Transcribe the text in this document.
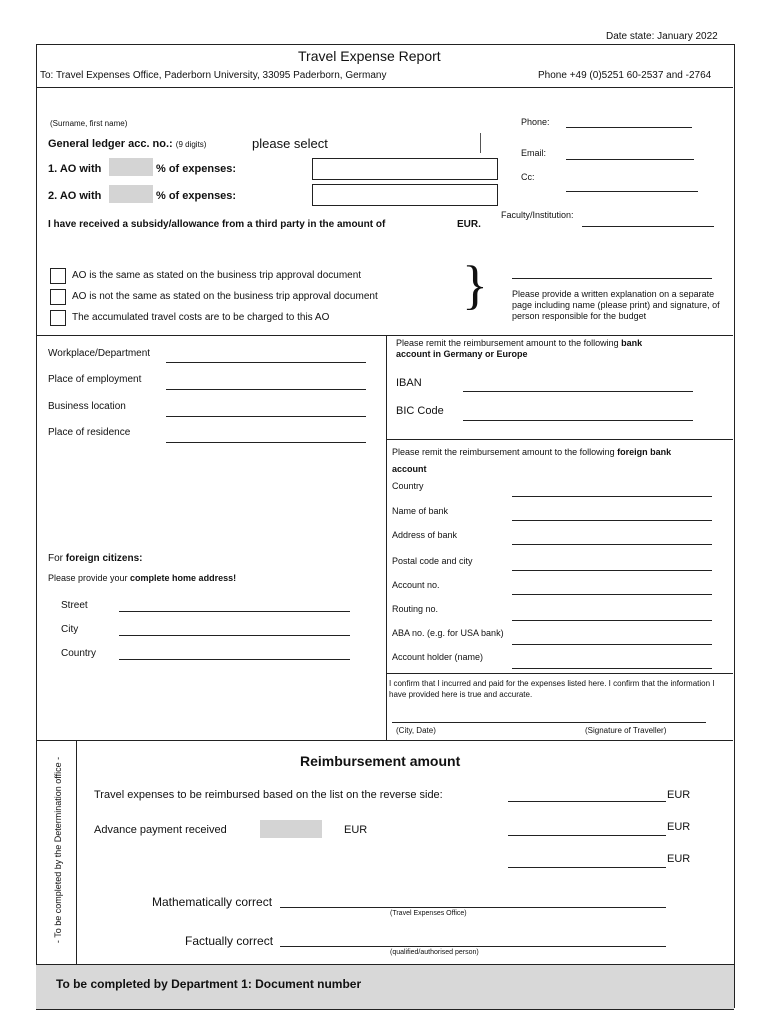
Date state: January 2022
Travel Expense Report
To: Travel Expenses Office, Paderborn University, 33095 Paderborn, Germany	Phone +49 (0)5251 60-2537 and -2764
(Surname, first name)
General ledger acc. no.: (9 digits)	please select
1. AO with	% of expenses:
2. AO with	% of expenses:
I have received a subsidy/allowance from a third party in the amount of	EUR.
Phone:
Email:
Cc:
Faculty/Institution:
AO is the same as stated on the business trip approval document
AO is not the same as stated on the business trip approval document
The accumulated travel costs are to be charged to this AO
}	Please provide a written explanation on a separate page including name (please print) and signature, of person responsible for the budget
Workplace/Department
Place of employment
Business location
Place of residence
For foreign citizens:
Please provide your complete home address!
Street
City
Country
Please remit the reimbursement amount to the following bank
account in Germany or Europe
IBAN
BIC Code
Please remit the reimbursement amount to the following foreign bank
account
Country
Name of bank
Address of bank
Postal code and city
Account no.
Routing no.
ABA no. (e.g. for USA bank)
Account holder (name)
I confirm that I incurred and paid for the expenses listed here. I confirm that the information I have provided here is true and accurate.
(City, Date)	(Signature of Traveller)
- To be completed by the Determination office -	Reimbursement amount
Travel expenses to be reimbursed based on the list on the reverse side:	EUR
Advance payment received	EUR	EUR
EUR
Mathematically correct
(Travel Expenses Office)
Factually correct
(qualified/authorised person)
To be completed by Department 1: Document number
